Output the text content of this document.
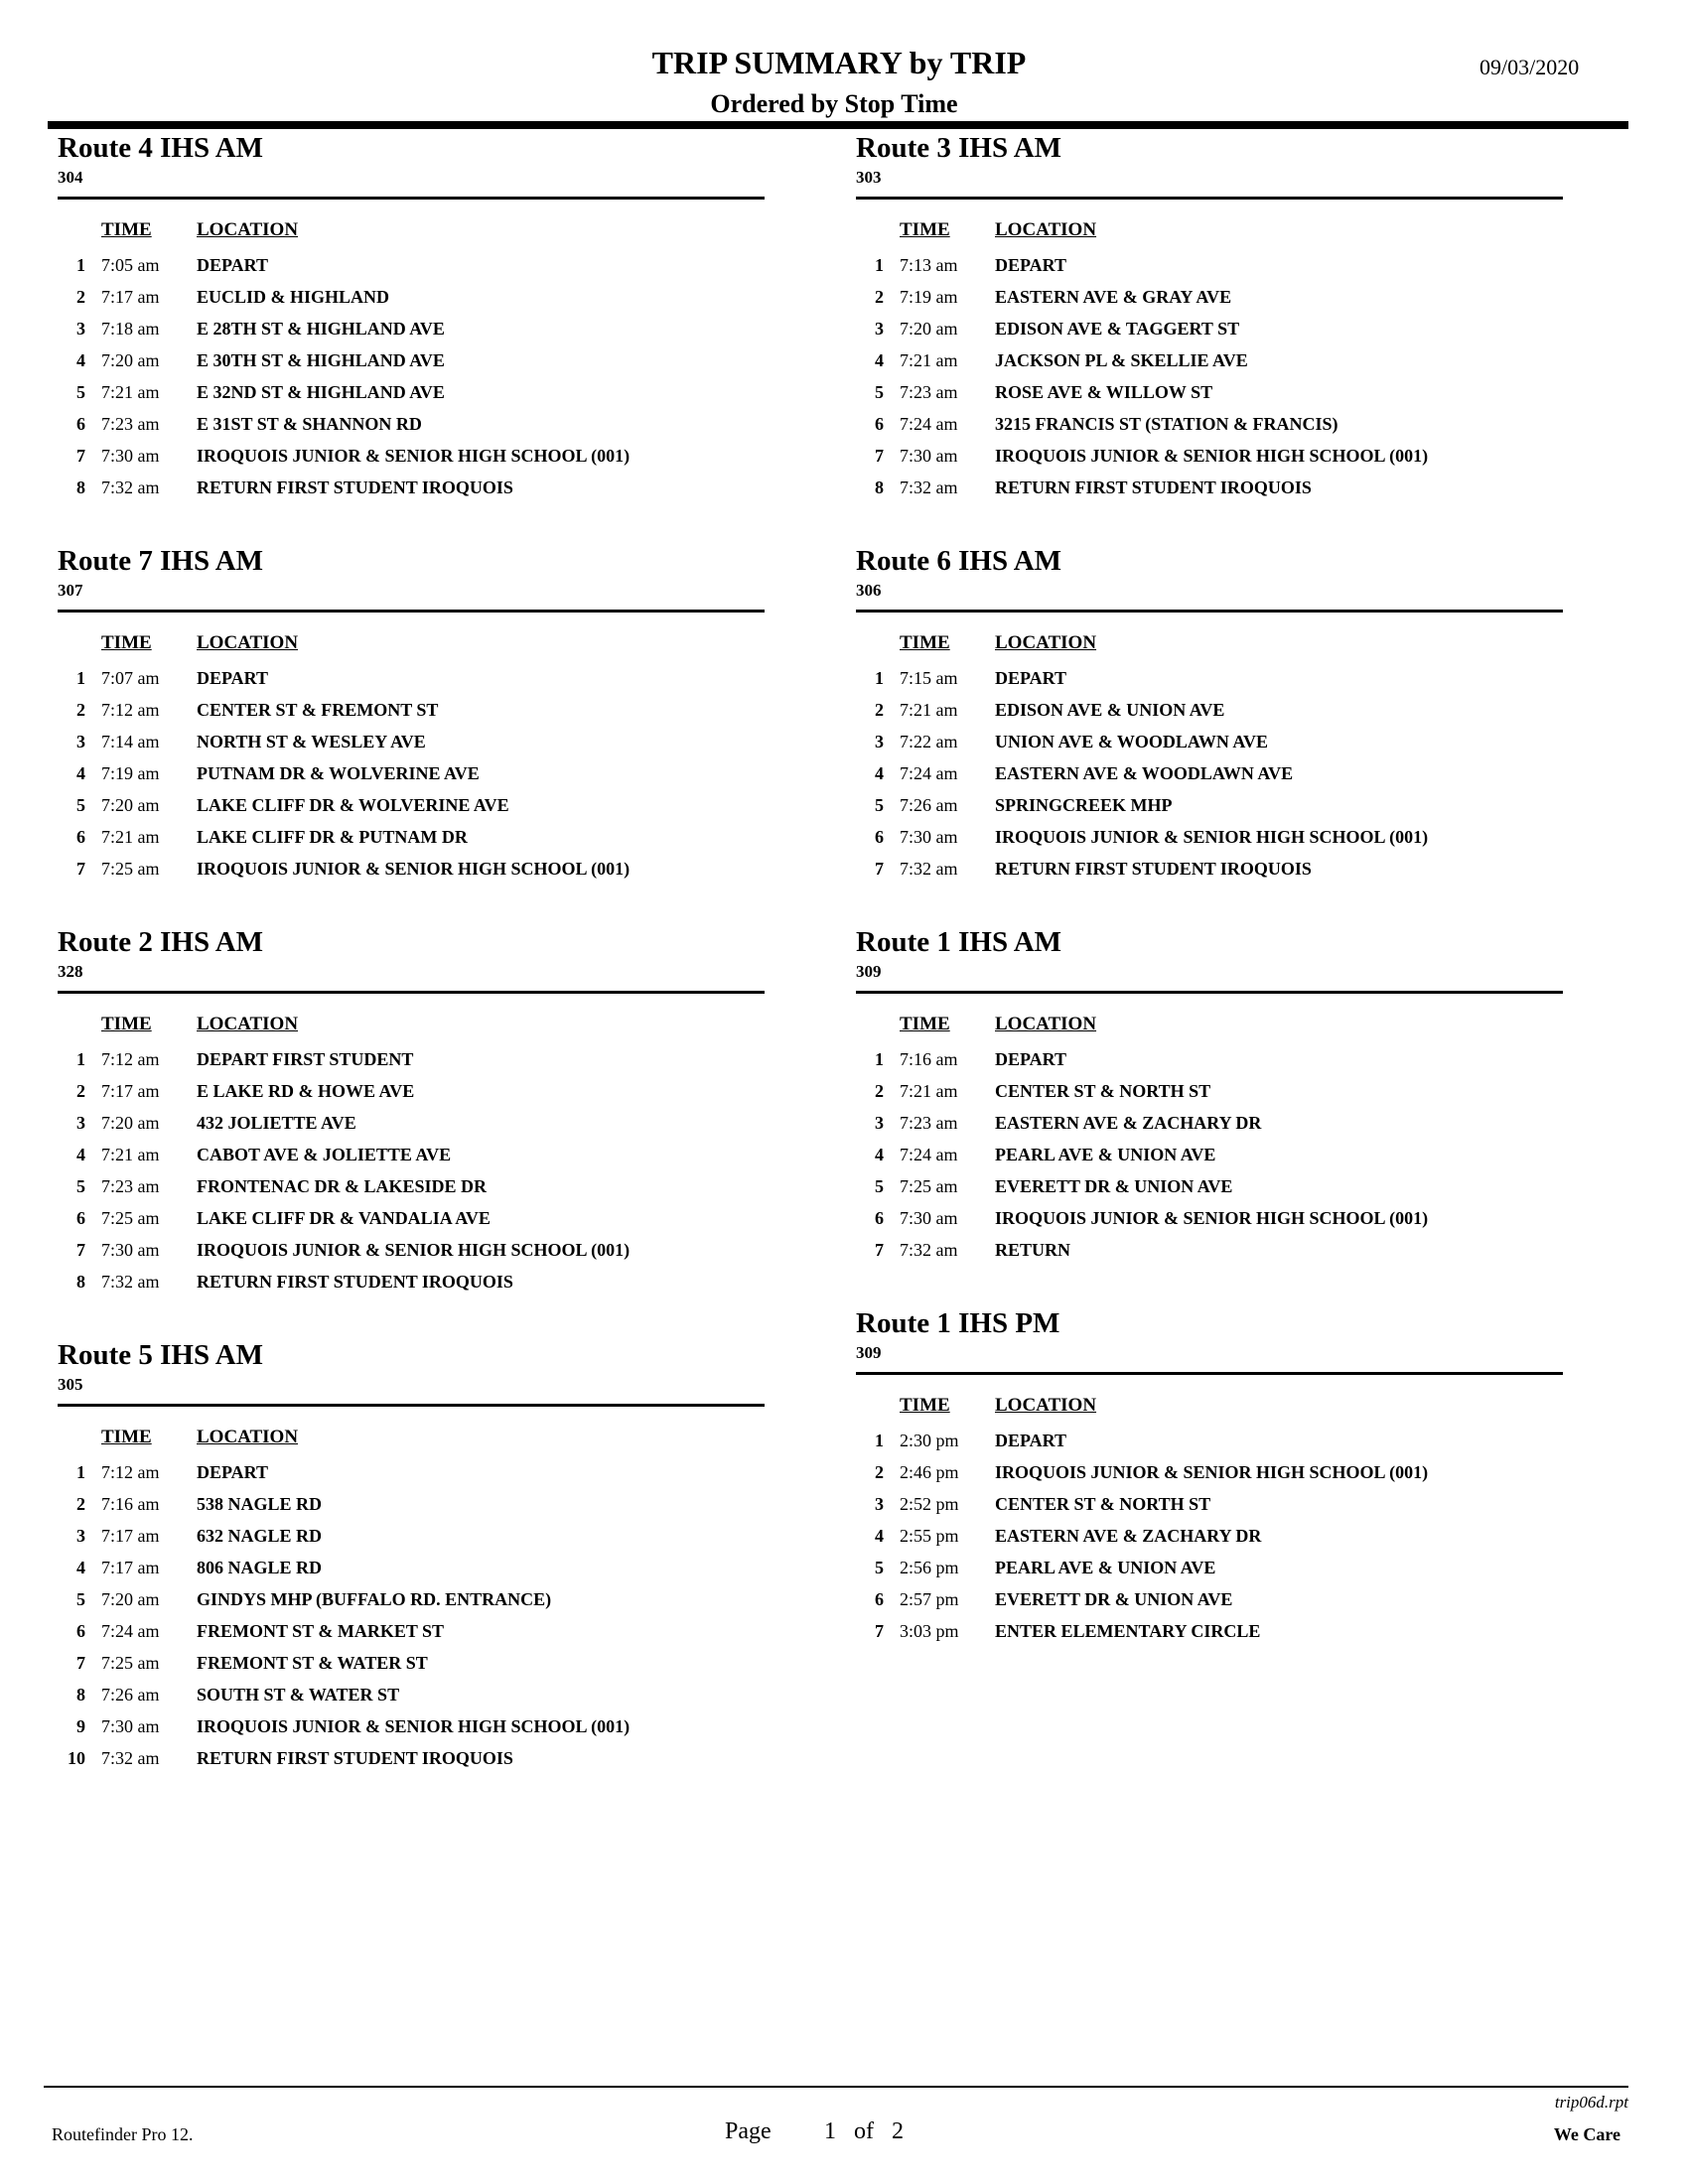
TRIP SUMMARY by TRIP
Ordered by Stop Time
09/03/2020
Route 4 IHS AM
304
TIME LOCATION
1 7:05 am DEPART
2 7:17 am EUCLID & HIGHLAND
3 7:18 am E 28TH ST & HIGHLAND AVE
4 7:20 am E 30TH ST & HIGHLAND AVE
5 7:21 am E 32ND ST & HIGHLAND AVE
6 7:23 am E 31ST ST & SHANNON RD
7 7:30 am IROQUOIS JUNIOR & SENIOR HIGH SCHOOL (001)
8 7:32 am RETURN FIRST STUDENT IROQUOIS
Route 3 IHS AM
303
TIME LOCATION
1 7:13 am DEPART
2 7:19 am EASTERN AVE & GRAY AVE
3 7:20 am EDISON AVE & TAGGERT ST
4 7:21 am JACKSON PL & SKELLIE AVE
5 7:23 am ROSE AVE & WILLOW ST
6 7:24 am 3215 FRANCIS ST (STATION & FRANCIS)
7 7:30 am IROQUOIS JUNIOR & SENIOR HIGH SCHOOL (001)
8 7:32 am RETURN FIRST STUDENT IROQUOIS
Route 7 IHS AM
307
TIME LOCATION
1 7:07 am DEPART
2 7:12 am CENTER ST & FREMONT ST
3 7:14 am NORTH ST & WESLEY AVE
4 7:19 am PUTNAM DR & WOLVERINE AVE
5 7:20 am LAKE CLIFF DR & WOLVERINE AVE
6 7:21 am LAKE CLIFF DR & PUTNAM DR
7 7:25 am IROQUOIS JUNIOR & SENIOR HIGH SCHOOL (001)
Route 6 IHS AM
306
TIME LOCATION
1 7:15 am DEPART
2 7:21 am EDISON AVE & UNION AVE
3 7:22 am UNION AVE & WOODLAWN AVE
4 7:24 am EASTERN AVE & WOODLAWN AVE
5 7:26 am SPRINGCREEK MHP
6 7:30 am IROQUOIS JUNIOR & SENIOR HIGH SCHOOL (001)
7 7:32 am RETURN FIRST STUDENT IROQUOIS
Route 2 IHS AM
328
TIME LOCATION
1 7:12 am DEPART FIRST STUDENT
2 7:17 am E LAKE RD & HOWE AVE
3 7:20 am 432 JOLIETTE AVE
4 7:21 am CABOT AVE & JOLIETTE AVE
5 7:23 am FRONTENAC DR & LAKESIDE DR
6 7:25 am LAKE CLIFF DR & VANDALIA AVE
7 7:30 am IROQUOIS JUNIOR & SENIOR HIGH SCHOOL (001)
8 7:32 am RETURN FIRST STUDENT IROQUOIS
Route 1 IHS AM
309
TIME LOCATION
1 7:16 am DEPART
2 7:21 am CENTER ST & NORTH ST
3 7:23 am EASTERN AVE & ZACHARY DR
4 7:24 am PEARL AVE & UNION AVE
5 7:25 am EVERETT DR & UNION AVE
6 7:30 am IROQUOIS JUNIOR & SENIOR HIGH SCHOOL (001)
7 7:32 am RETURN
Route 5 IHS AM
305
TIME LOCATION
1 7:12 am DEPART
2 7:16 am 538 NAGLE RD
3 7:17 am 632 NAGLE RD
4 7:17 am 806 NAGLE RD
5 7:20 am GINDYS MHP (BUFFALO RD. ENTRANCE)
6 7:24 am FREMONT ST & MARKET ST
7 7:25 am FREMONT ST & WATER ST
8 7:26 am SOUTH ST & WATER ST
9 7:30 am IROQUOIS JUNIOR & SENIOR HIGH SCHOOL (001)
10 7:32 am RETURN FIRST STUDENT IROQUOIS
Route 1 IHS PM
309
TIME LOCATION
1 2:30 pm DEPART
2 2:46 pm IROQUOIS JUNIOR & SENIOR HIGH SCHOOL (001)
3 2:52 pm CENTER ST & NORTH ST
4 2:55 pm EASTERN AVE & ZACHARY DR
5 2:56 pm PEARL AVE & UNION AVE
6 2:57 pm EVERETT DR & UNION AVE
7 3:03 pm ENTER ELEMENTARY CIRCLE
trip06d.rpt
Routefinder Pro 12.	Page 1 of 2	We Care
